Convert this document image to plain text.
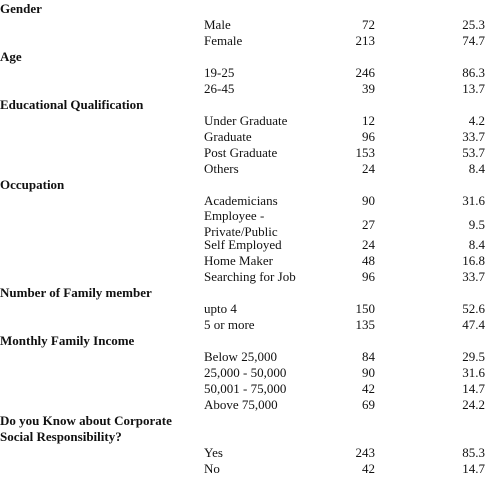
Gender
Male	72	25.3
Female	213	74.7
Age
19-25	246	86.3
26-45	39	13.7
Educational Qualification
Under Graduate	12	4.2
Graduate	96	33.7
Post Graduate	153	53.7
Others	24	8.4
Occupation
Academicians	90	31.6
Employee -
Private/Public	27	9.5
Self Employed	24	8.4
Home Maker	48	16.8
Searching for Job	96	33.7
Number of Family member
upto 4	150	52.6
5 or more	135	47.4
Monthly Family Income
Below 25,000	84	29.5
25,000 - 50,000	90	31.6
50,001 - 75,000	42	14.7
Above 75,000	69	24.2
Do you Know about Corporate
Social Responsibility?
Yes	243	85.3
No	42	14.7
